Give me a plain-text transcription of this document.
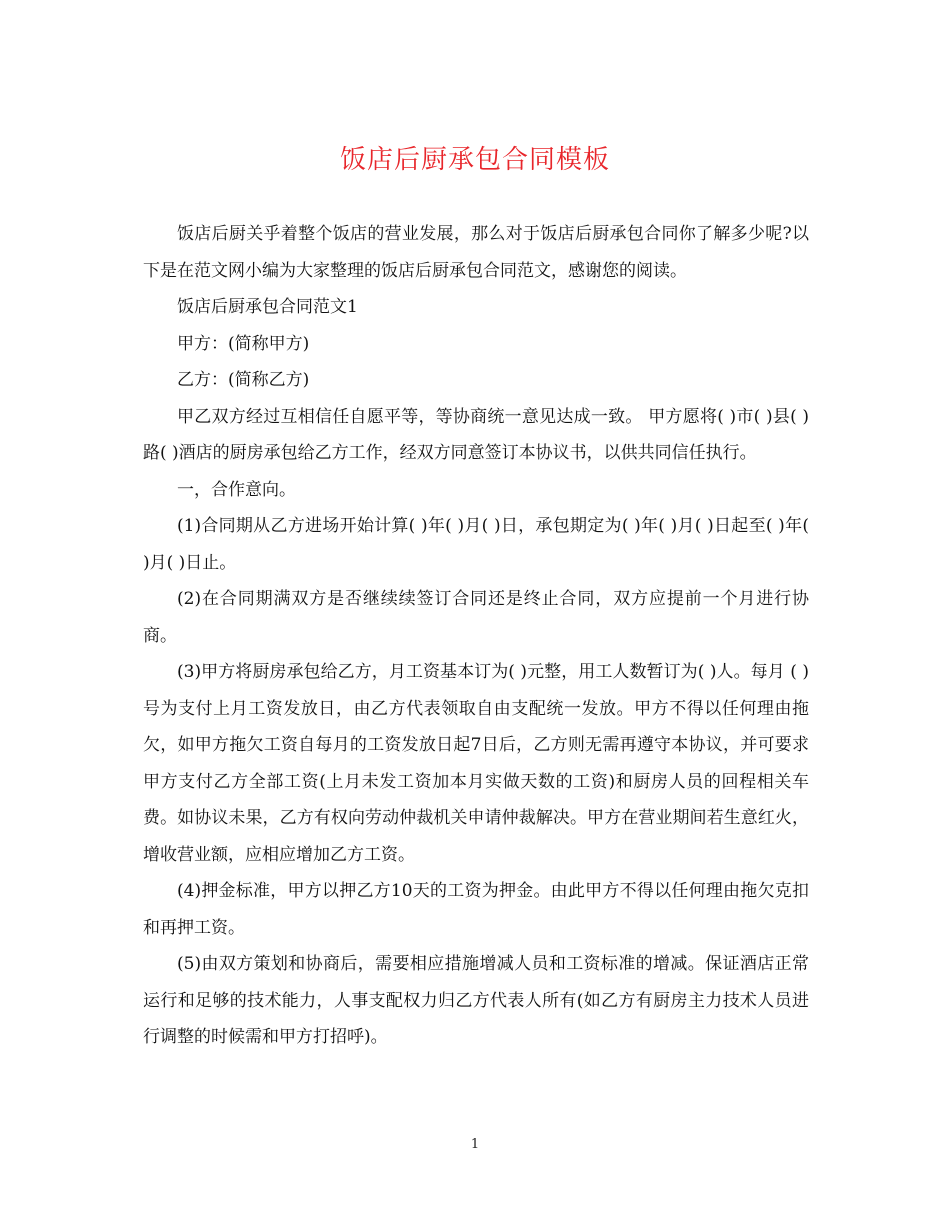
饭店后厨承包合同模板

饭店后厨关乎着整个饭店的营业发展，那么对于饭店后厨承包合同你了解多少呢?以下是在范文网小编为大家整理的饭店后厨承包合同范文，感谢您的阅读。

饭店后厨承包合同范文1

甲方：(简称甲方)

乙方：(简称乙方)

甲乙双方经过互相信任自愿平等，等协商统一意见达成一致。 甲方愿将( )市( )县( )路( )酒店的厨房承包给乙方工作，经双方同意签订本协议书，以供共同信任执行。

一，合作意向。

(1)合同期从乙方进场开始计算( )年( )月( )日，承包期定为( )年( )月( )日起至( )年( )月( )日止。

(2)在合同期满双方是否继续续签订合同还是终止合同，双方应提前一个月进行协商。

(3)甲方将厨房承包给乙方，月工资基本订为( )元整，用工人数暂订为( )人。每月 ( )号为支付上月工资发放日，由乙方代表领取自由支配统一发放。甲方不得以任何理由拖欠，如甲方拖欠工资自每月的工资发放日起7日后，乙方则无需再遵守本协议，并可要求甲方支付乙方全部工资(上月未发工资加本月实做天数的工资)和厨房人员的回程相关车费。如协议未果，乙方有权向劳动仲裁机关申请仲裁解决。甲方在营业期间若生意红火，增收营业额，应相应增加乙方工资。

(4)押金标准，甲方以押乙方10天的工资为押金。由此甲方不得以任何理由拖欠克扣和再押工资。

(5)由双方策划和协商后，需要相应措施增减人员和工资标准的增减。保证酒店正常运行和足够的技术能力，人事支配权力归乙方代表人所有(如乙方有厨房主力技术人员进行调整的时候需和甲方打招呼)。

1
